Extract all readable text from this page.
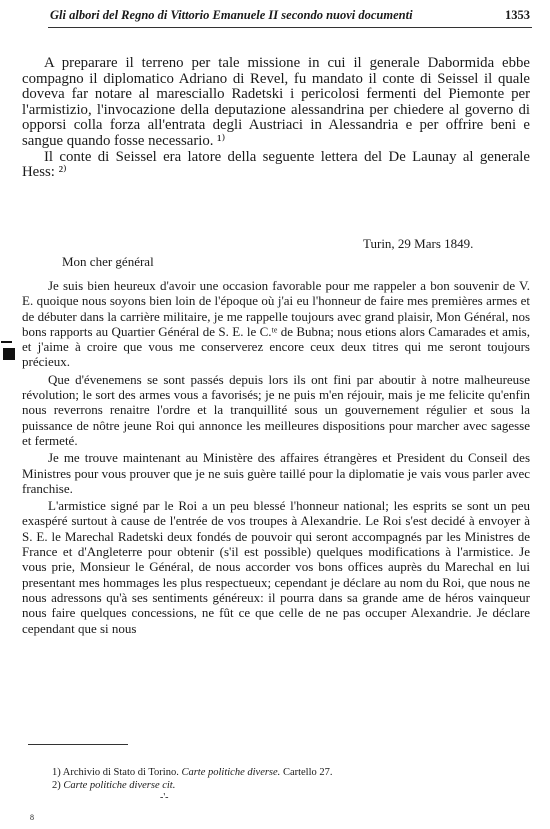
Gli albori del Regno di Vittorio Emanuele II secondo nuovi documenti	1353

A preparare il terreno per tale missione in cui il generale Dabormida ebbe compagno il diplomatico Adriano di Revel, fu mandato il conte di Seissel il quale doveva far notare al maresciallo Radetski i pericolosi fermenti del Piemonte per l'armistizio, l'invocazione della deputazione alessandrina per chiedere al governo di opporsi colla forza all'entrata degli Austriaci in Alessandria e per offrire beni e sangue quando fosse necessario. ¹⁾

Il conte di Seissel era latore della seguente lettera del De Launay al generale Hess: ²⁾

Turin, 29 Mars 1849.
Mon cher général

Je suis bien heureux d'avoir une occasion favorable pour me rappeler a bon souvenir de V. E. quoique nous soyons bien loin de l'époque où j'ai eu l'honneur de faire mes premières armes et de débuter dans la carrière militaire, je me rappelle toujours avec grand plaisir, Mon Général, nos bons rapports au Quartier Général de S. E. le C.ᵗᵉ de Bubna; nous etions alors Camarades et amis, et j'aime à croire que vous me conserverez encore ceux deux titres qui me seront toujours précieux.

Que d'évenemens se sont passés depuis lors ils ont fini par aboutir à notre malheureuse révolution; le sort des armes vous a favorisés; je ne puis m'en réjouir, mais je me felicite qu'enfin nous reverrons renaitre l'ordre et la tranquillité sous un gouvernement régulier et sous la puissance de nôtre jeune Roi qui annonce les meilleures dispositions pour marcher avec sagesse et fermeté.

Je me trouve maintenant au Ministère des affaires étrangères et President du Conseil des Ministres pour vous prouver que je ne suis guère taillé pour la diplomatie je vais vous parler avec franchise.

L'armistice signé par le Roi a un peu blessé l'honneur national; les esprits se sont un peu exaspéré surtout à cause de l'entrée de vos troupes à Alexandrie. Le Roi s'est decidé à envoyer à S. E. le Marechal Radetski deux fondés de pouvoir qui seront accompagnés par les Ministres de France et d'Angleterre pour obtenir (s'il est possible) quelques modifications à l'armistice. Je vous prie, Monsieur le Général, de nous accorder vos bons offices auprès du Marechal en lui presentant mes hommages les plus respectueux; cependant je déclare au nom du Roi, que nous ne nous adressons qu'à ses sentiments généreux: il pourra dans sa grande ame de héros vainqueur nous faire quelques concessions, ne fût ce que celle de ne pas occuper Alexandrie. Je déclare cependant que si nous

1) Archivio di Stato di Torino. Carte politiche diverse. Cartello 27.
2) Carte politiche diverse cit.
-'-
8
